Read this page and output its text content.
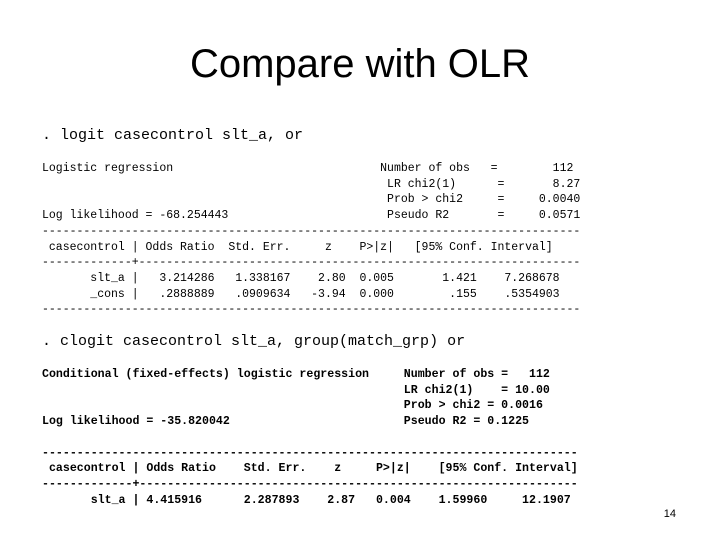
Compare with OLR
. logit casecontrol slt_a, or
Logistic regression                              Number of obs   =        112
LR chi2(1)      =       8.27
Prob > chi2     =     0.0040
Log likelihood = -68.254443                       Pseudo R2       =     0.0571
------------------------------------------------------------------------------
casecontrol | Odds Ratio  Std. Err.     z    P>|z|   [95% Conf. Interval]
-------------+----------------------------------------------------------------
slt_a |   3.214286   1.338167    2.80  0.005       1.421    7.268678
_cons |   .2888889   .0909634   -3.94  0.000        .155    .5354903
------------------------------------------------------------------------------
. clogit casecontrol slt_a, group(match_grp) or
Conditional (fixed-effects) logistic regression     Number of obs =   112
LR chi2(1)    = 10.00
Prob > chi2 = 0.0016
Log likelihood = -35.820042                         Pseudo R2 = 0.1225

-----------------------------------------------------------------------------
casecontrol | Odds Ratio    Std. Err.    z     P>|z|    [95% Conf. Interval]
-------------+---------------------------------------------------------------
slt_a | 4.415916      2.287893    2.87   0.004    1.59960     12.1907
14
